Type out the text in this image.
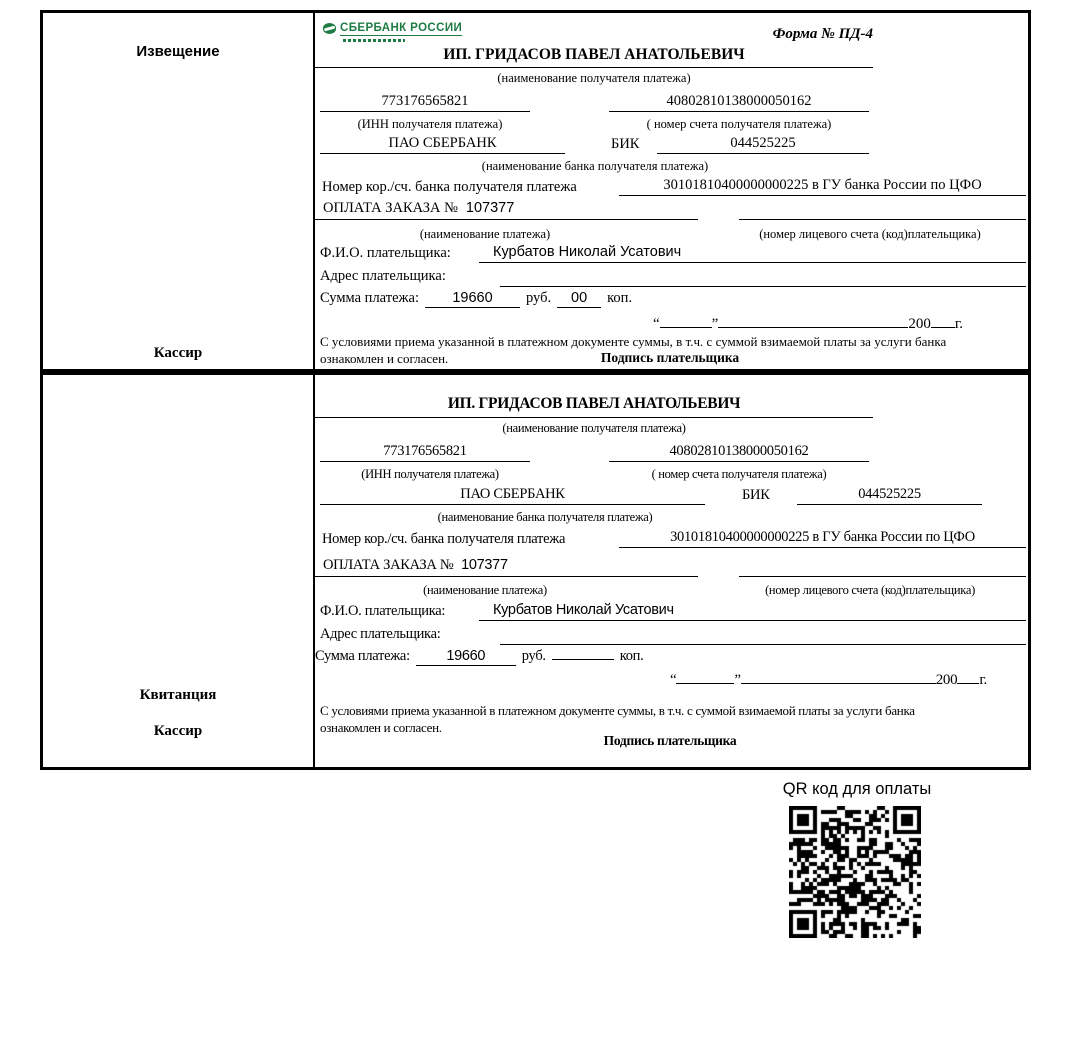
Извещение
Кассир
СБЕРБАНК РОССИИ	Форма № ПД-4
ИП. ГРИДАСОВ ПАВЕЛ АНАТОЛЬЕВИЧ
(наименование получателя платежа)
773176565821	40802810138000050162
(ИНН получателя платежа)	( номер счета получателя платежа)
ПАО СБЕРБАНК	БИК	044525225
(наименование банка получателя платежа)
Номер кор./сч. банка получателя платежа	30101810400000000225 в ГУ банка России по ЦФО
ОПЛАТА ЗАКАЗА № 107377
(наименование платежа)	(номер лицевого счета (код)плательщика)
Ф.И.О. плательщика:	Курбатов Николай Усатович
Адрес плательщика:
Сумма платежа:	19660	руб.	00	коп.
“	”	200 г.
С условиями приема указанной в платежном документе суммы, в т.ч. с суммой взимаемой платы за услуги банка
ознакомлен и согласен.	Подпись плательщика
Квитанция
Кассир
ИП. ГРИДАСОВ ПАВЕЛ АНАТОЛЬЕВИЧ
(наименование получателя платежа)
773176565821	40802810138000050162
(ИНН получателя платежа)	( номер счета получателя платежа)
ПАО СБЕРБАНК	БИК	044525225
(наименование банка получателя платежа)
Номер кор./сч. банка получателя платежа	30101810400000000225 в ГУ банка России по ЦФО
ОПЛАТА ЗАКАЗА № 107377
(наименование платежа)	(номер лицевого счета (код)плательщика)
Ф.И.О. плательщика:	Курбатов Николай Усатович
Адрес плательщика:
Сумма платежа:	19660	руб.	коп.
“	”	200 г.
С условиями приема указанной в платежном документе суммы, в т.ч. с суммой взимаемой платы за услуги банка
ознакомлен и согласен.
Подпись плательщика
QR код для оплаты
